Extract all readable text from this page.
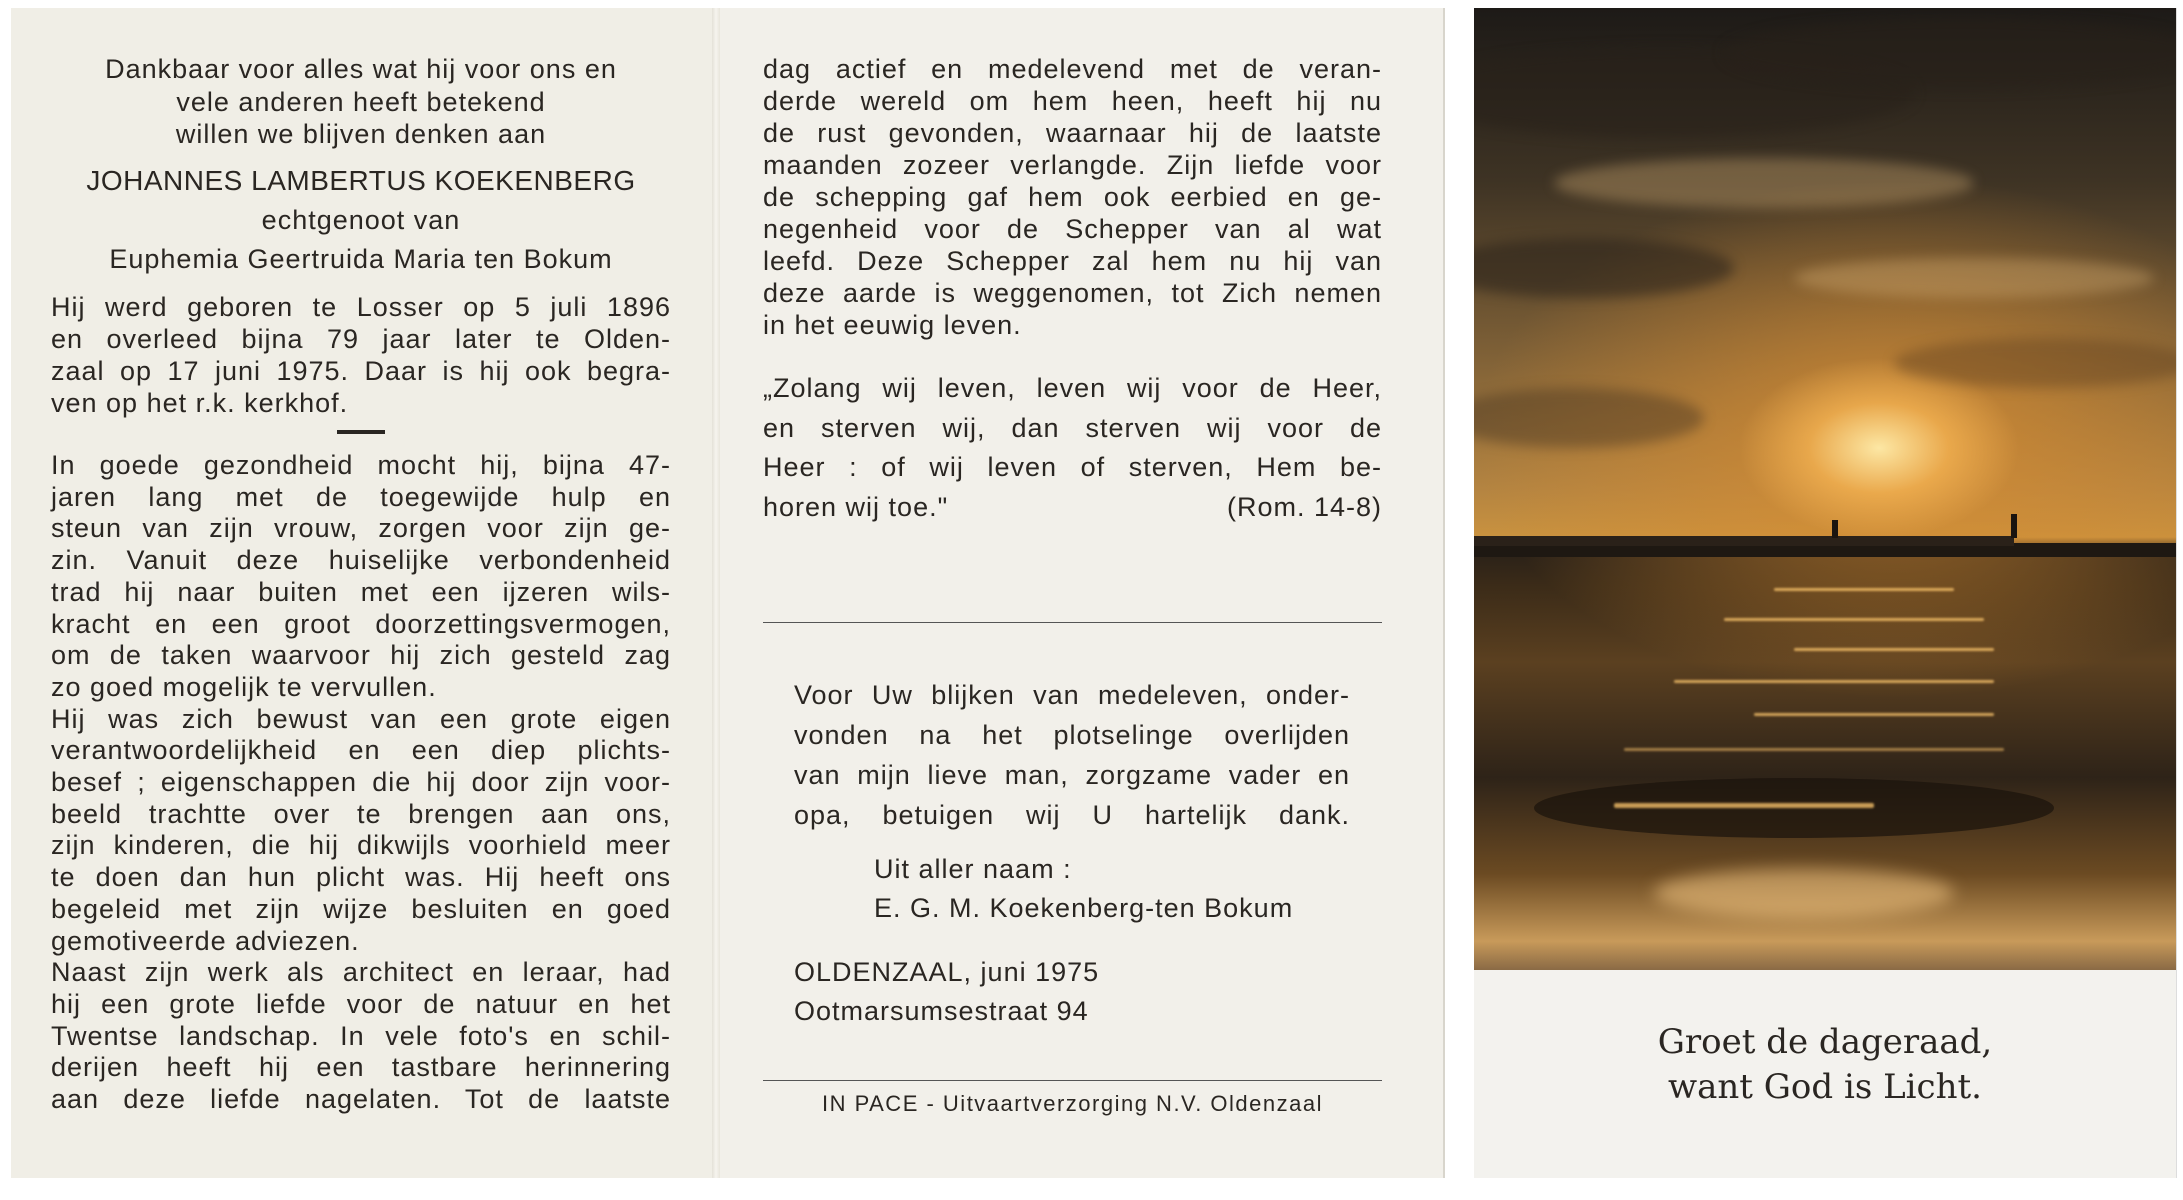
Dankbaar voor alles wat hij voor ons en
vele anderen heeft betekend
willen we blijven denken aan
JOHANNES LAMBERTUS KOEKENBERG
echtgenoot van
Euphemia Geertruida Maria ten Bokum
(Rom. 14-8)
Uit aller naam :
E. G. M. Koekenberg-ten Bokum
OLDENZAAL, juni 1975
Ootmarsumsestraat 94
IN PACE - Uitvaartverzorging N.V. Oldenzaal
Hij werd geboren te Losser op 5 juli 1896
en overleed bijna 79 jaar later te Olden-
zaal op 17 juni 1975. Daar is hij ook begra-
ven op het r.k. kerkhof.
In goede gezondheid mocht hij, bijna 47-
jaren lang met de toegewijde hulp en
steun van zijn vrouw, zorgen voor zijn ge-
zin. Vanuit deze huiselijke verbondenheid
trad hij naar buiten met een ijzeren wils-
kracht en een groot doorzettingsvermogen,
om de taken waarvoor hij zich gesteld zag
zo goed mogelijk te vervullen.
Hij was zich bewust van een grote eigen
verantwoordelijkheid en een diep plichts-
besef ; eigenschappen die hij door zijn voor-
beeld trachtte over te brengen aan ons,
zijn kinderen, die hij dikwijls voorhield meer
te doen dan hun plicht was. Hij heeft ons
begeleid met zijn wijze besluiten en goed
gemotiveerde adviezen.
Naast zijn werk als architect en leraar, had
hij een grote liefde voor de natuur en het
Twentse landschap. In vele foto's en schil-
derijen heeft hij een tastbare herinnering
aan deze liefde nagelaten. Tot de laatste
dag actief en medelevend met de veran-
derde wereld om hem heen, heeft hij nu
de rust gevonden, waarnaar hij de laatste
maanden zozeer verlangde. Zijn liefde voor
de schepping gaf hem ook eerbied en ge-
negenheid voor de Schepper van al wat
leefd. Deze Schepper zal hem nu hij van
deze aarde is weggenomen, tot Zich nemen
in het eeuwig leven.
„Zolang wij leven, leven wij voor de Heer,
en sterven wij, dan sterven wij voor de
Heer : of wij leven of sterven, Hem be-
horen wij toe."
Voor Uw blijken van medeleven, onder-
vonden na het plotselinge overlijden
van mijn lieve man, zorgzame vader en
opa, betuigen wij U hartelijk dank.
Groet de dageraad,
want God is Licht.
